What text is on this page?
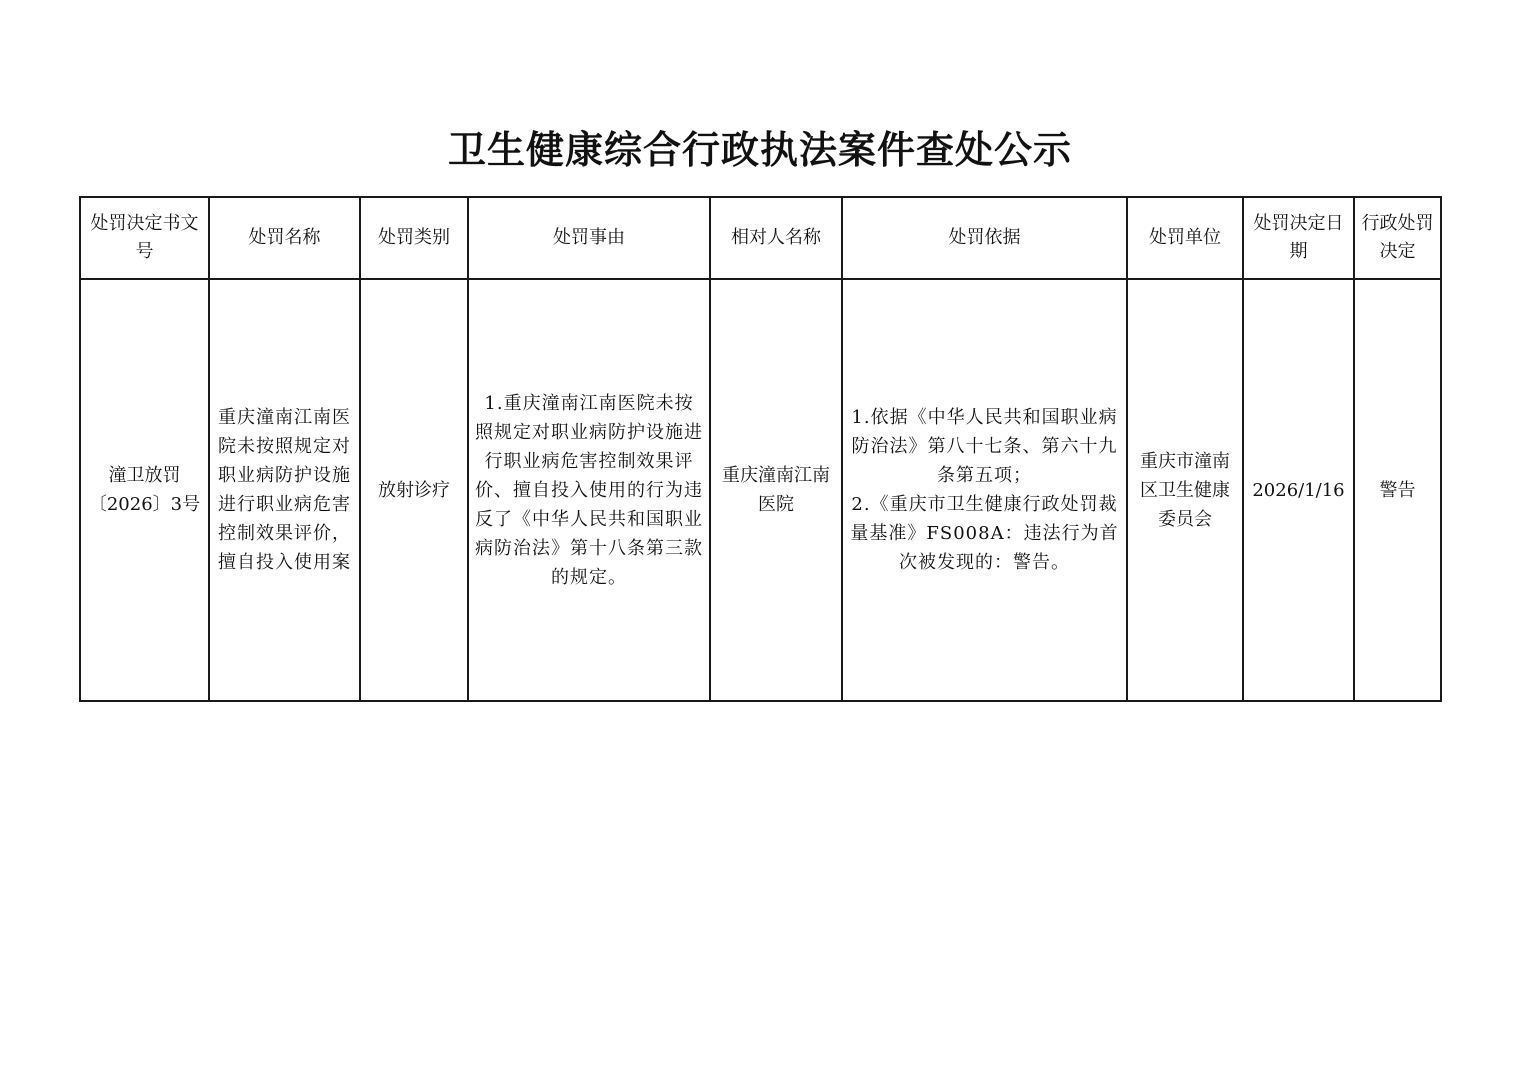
卫生健康综合行政执法案件查处公示
处罚决定书文号	处罚名称	处罚类别	处罚事由	相对人名称	处罚依据	处罚单位	处罚决定日期	行政处罚决定
潼卫放罚〔2026〕3号	重庆潼南江南医院未按照规定对职业病防护设施进行职业病危害控制效果评价，擅自投入使用案	放射诊疗	1.重庆潼南江南医院未按照规定对职业病防护设施进行职业病危害控制效果评价、擅自投入使用的行为违反了《中华人民共和国职业病防治法》第十八条第三款的规定。	重庆潼南江南医院	1.依据《中华人民共和国职业病防治法》第八十七条、第六十九条第五项；
2.《重庆市卫生健康行政处罚裁量基准》FS008A：违法行为首次被发现的：警告。	重庆市潼南区卫生健康委员会	2026/1/16	警告
